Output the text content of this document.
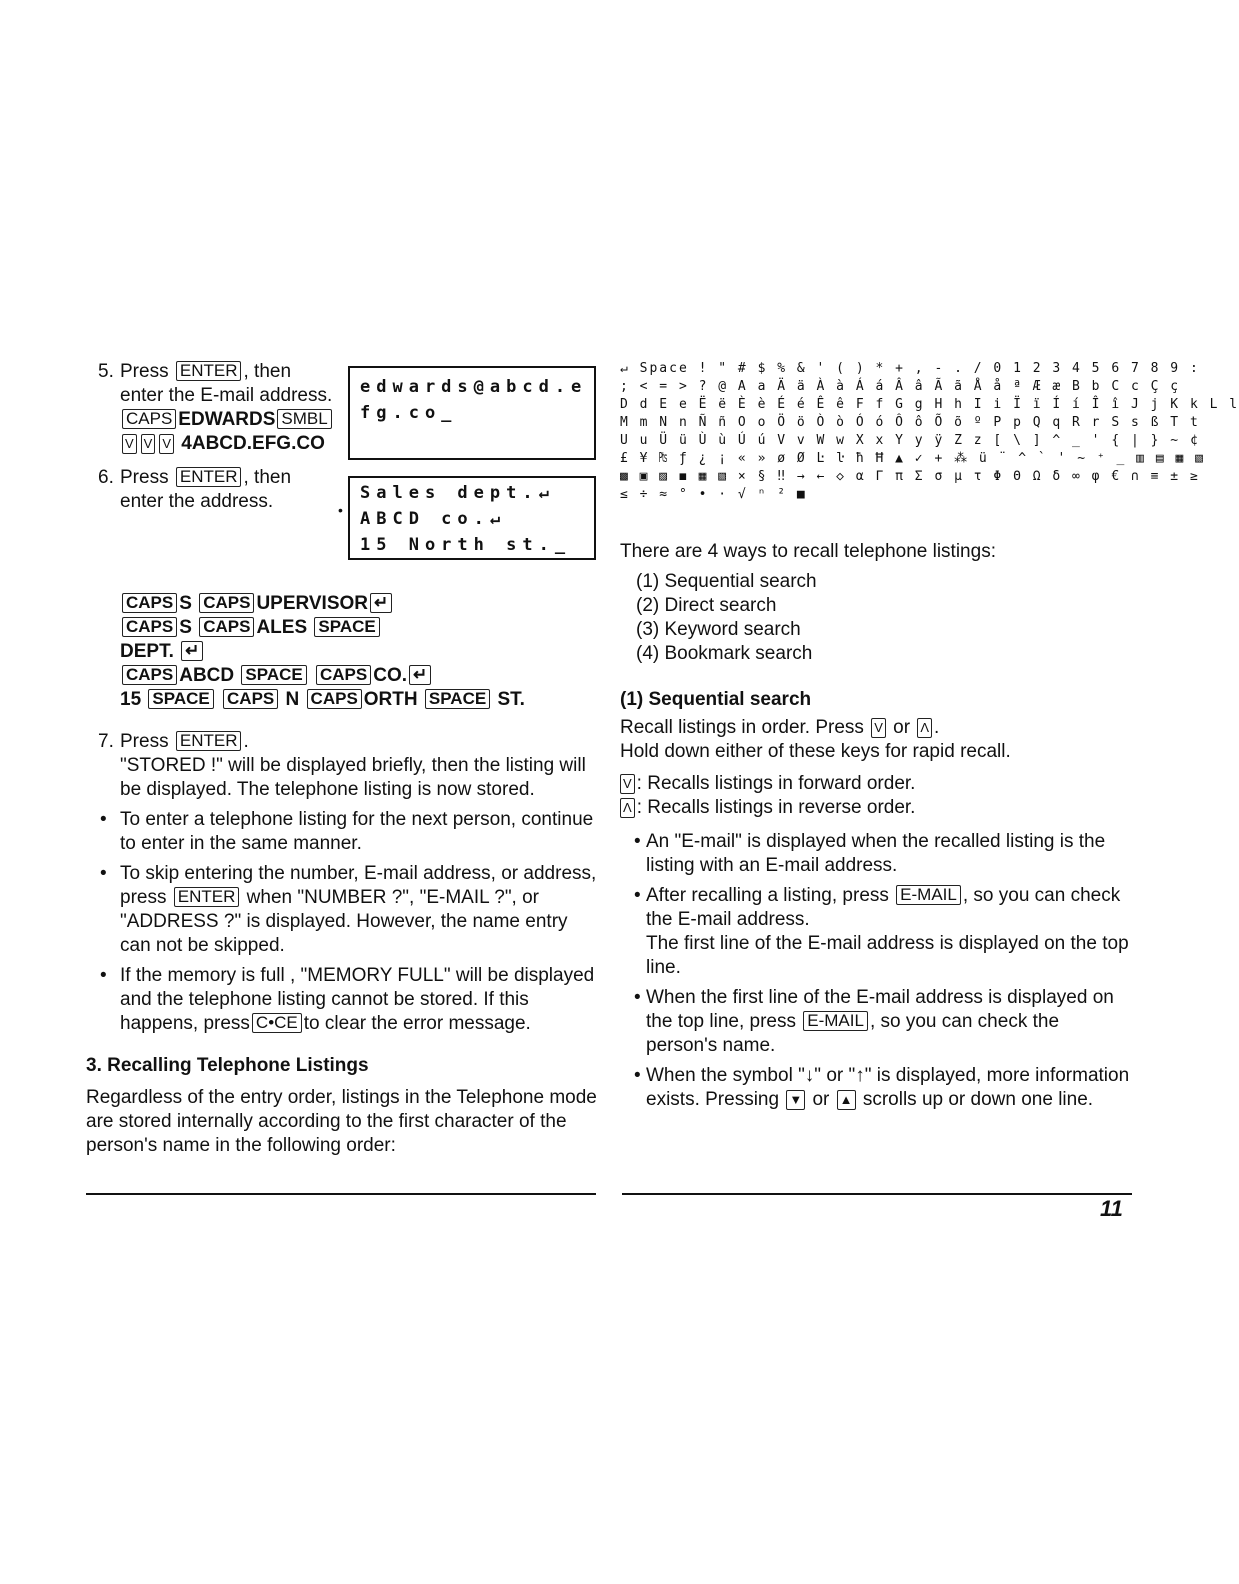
5. Press ENTER , then
enter the E-mail address.
CAPS EDWARDS SMBL
V V V 4ABCD.EFG.CO
edwards@abcd.e
fg.co_
6. Press ENTER , then
enter the address.	•
Sales dept.↵
ABCD co.↵
15 North st._
CAPS S CAPS UPERVISOR ↵
CAPS S CAPS ALES SPACE
DEPT. ↵
CAPS ABCD SPACE CAPS CO. ↵
15 SPACE CAPS N CAPS ORTH SPACE ST.
7. Press ENTER .
"STORED !" will be displayed briefly, then the listing will be displayed. The telephone listing is now stored.
• To enter a telephone listing for the next person, continue to enter in the same manner.
• To skip entering the number, E-mail address, or address, press ENTER when "NUMBER ?", "E-MAIL ?", or "ADDRESS ?" is displayed. However, the name entry can not be skipped.
• If the memory is full , "MEMORY FULL" will be displayed and the telephone listing cannot be stored. If this happens, press C•CE to clear the error message.
3. Recalling Telephone Listings
Regardless of the entry order, listings in the Telephone mode are stored internally according to the first character of the person's name in the following order:
↵ Space ! " # $ % & ' ( ) * + , - . / 0 1 2 3 4 5 6 7 8 9 :
; < = > ? @ A a Ä ä À à Á á Â â Ã ã Å å ª Æ æ B b C c Ç ç
D d E e Ë ë È è É é Ê ê F f G g H h I i Ï ï Í í Î î J j K k L l
M m N n Ñ ñ O o Ö ö Ò ò Ó ó Ô ô Õ õ º P p Q q R r S s ß T t
U u Ü ü Ù ù Ú ú V v W w X x Y y ÿ Z z [ \ ] ^ _ ' { | } ~ ¢
£ ¥ ₧ ƒ ¿ ¡ « » ø Ø Ŀ ŀ ħ Ħ ▲ ✓ + ⁂ ü ¨ ^ ` ' ~ ⁺ _ ▥ ▤ ▦ ▧
▩ ▣ ▨ ◼ ▦ ▧ × § ‼ → ← ◇ α Γ π Σ σ μ τ Φ Θ Ω δ ∞ φ € ∩ ≡ ± ≥
≤ ÷ ≈ ° • · √ ⁿ ² ■
There are 4 ways to recall telephone listings:
(1) Sequential search
(2) Direct search
(3) Keyword search
(4) Bookmark search
(1) Sequential search
Recall listings in order. Press V or Λ .
Hold down either of these keys for rapid recall.
V : Recalls listings in forward order.
Λ : Recalls listings in reverse order.
• An "E-mail" is displayed when the recalled listing is the listing with an E-mail address.
• After recalling a listing, press E-MAIL , so you can check the E-mail address.
The first line of the E-mail address is displayed on the top line.
• When the first line of the E-mail address is displayed on the top line, press E-MAIL , so you can check the person's name.
• When the symbol "↓" or "↑" is displayed, more information exists. Pressing ▼ or ▲ scrolls up or down one line.
11
